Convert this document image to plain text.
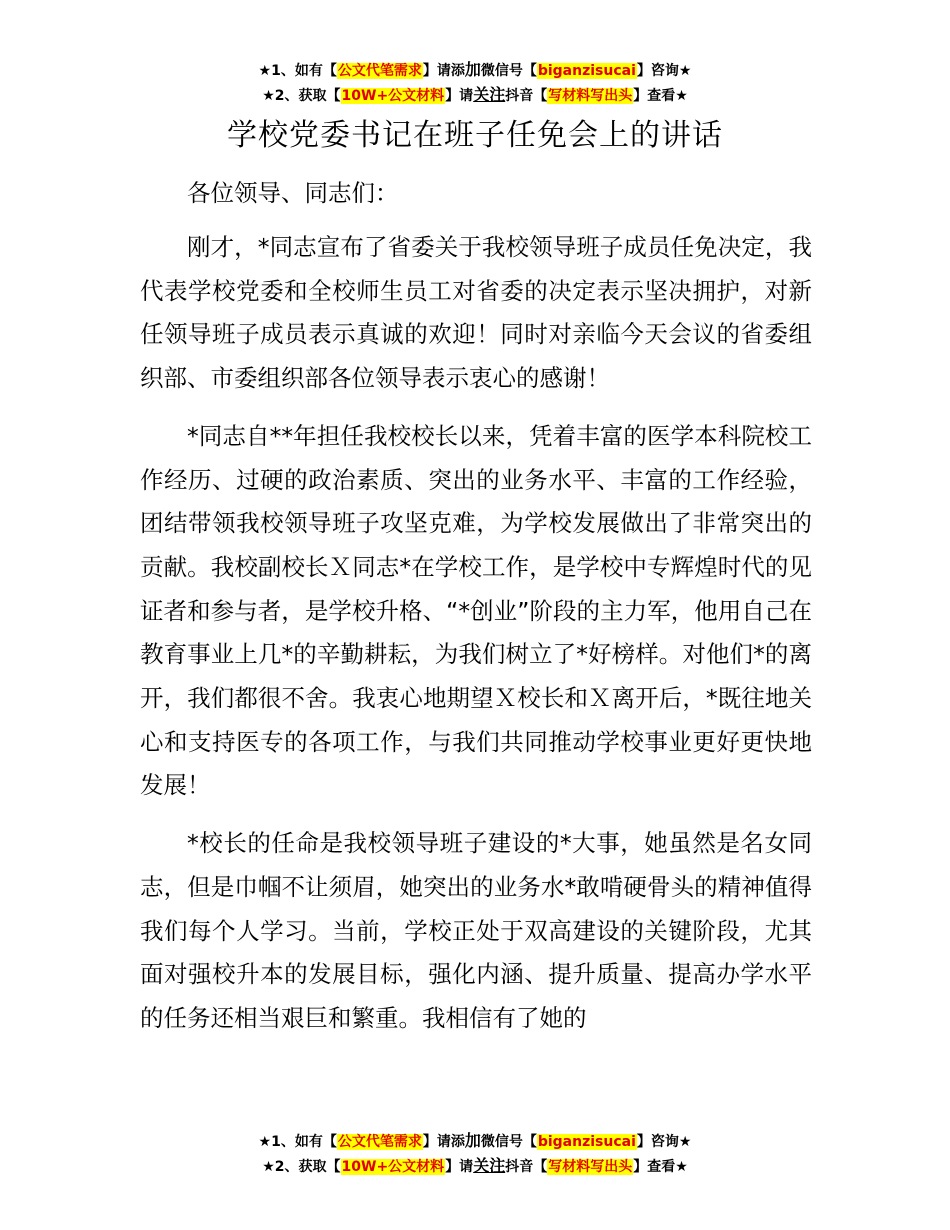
★1、如有【公文代笔需求】请添加微信号【biganzisucai】咨询★
★2、获取【10W+公文材料】请关注抖音【写材料写出头】查看★
学校党委书记在班子任免会上的讲话

各位领导、同志们：

刚才，*同志宣布了省委关于我校领导班子成员任免决定，我代表学校党委和全校师生员工对省委的决定表示坚决拥护，对新任领导班子成员表示真诚的欢迎！同时对亲临今天会议的省委组织部、市委组织部各位领导表示衷心的感谢！

*同志自**年担任我校校长以来，凭着丰富的医学本科院校工作经历、过硬的政治素质、突出的业务水平、丰富的工作经验，团结带领我校领导班子攻坚克难，为学校发展做出了非常突出的贡献。我校副校长Ｘ同志*在学校工作，是学校中专辉煌时代的见证者和参与者，是学校升格、“*创业”阶段的主力军，他用自己在教育事业上几*的辛勤耕耘，为我们树立了*好榜样。对他们*的离开，我们都很不舍。我衷心地期望Ｘ校长和Ｘ离开后，*既往地关心和支持医专的各项工作，与我们共同推动学校事业更好更快地发展！

*校长的任命是我校领导班子建设的*大事，她虽然是名女同志，但是巾帼不让须眉，她突出的业务水*敢啃硬骨头的精神值得我们每个人学习。当前，学校正处于双高建设的关键阶段，尤其面对强校升本的发展目标，强化内涵、提升质量、提高办学水平的任务还相当艰巨和繁重。我相信有了她的

★1、如有【公文代笔需求】请添加微信号【biganzisucai】咨询★
★2、获取【10W+公文材料】请关注抖音【写材料写出头】查看★
